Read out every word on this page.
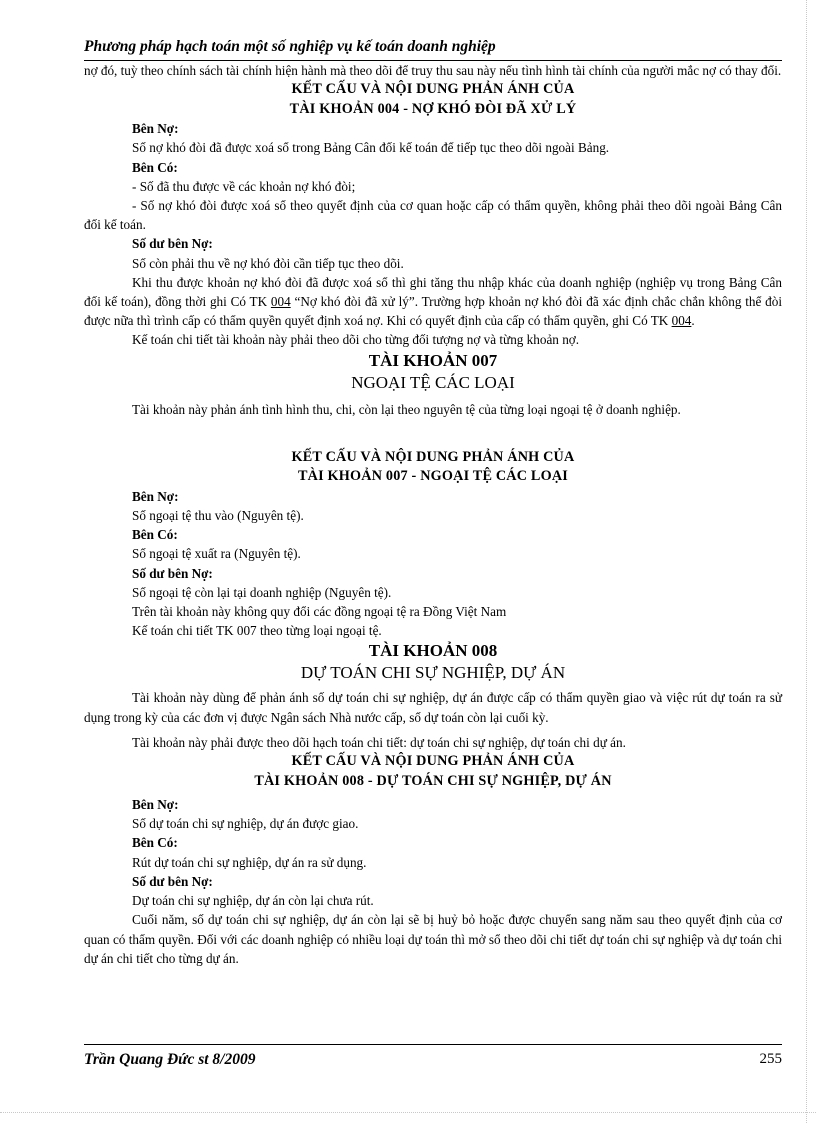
Phương pháp hạch toán một số nghiệp vụ kế toán doanh nghiệp

nợ đó, tuỳ theo chính sách tài chính hiện hành mà theo dõi để truy thu sau này nếu tình hình tài chính của người mắc nợ có thay đổi.

KẾT CẤU VÀ NỘI DUNG PHẢN ÁNH CỦA

TÀI KHOẢN 004 - NỢ KHÓ ĐÒI ĐÃ XỬ LÝ

Bên Nợ:

Số nợ khó đòi đã được xoá sổ trong Bảng Cân đối kế toán để tiếp tục theo dõi ngoài Bảng.

Bên Có:

- Số đã thu được về các khoản nợ khó đòi;

- Số nợ khó đòi được xoá sổ theo quyết định của cơ quan hoặc cấp có thẩm quyền, không phải theo dõi ngoài Bảng Cân đối kế toán.

Số dư bên Nợ:

Số còn phải thu về nợ khó đòi cần tiếp tục theo dõi.

Khi thu được khoản nợ khó đòi đã được xoá sổ thì ghi tăng thu nhập khác của doanh nghiệp (nghiệp vụ trong Bảng Cân đối kế toán), đồng thời ghi Có TK 004 “Nợ khó đòi đã xử lý”. Trường hợp khoản nợ khó đòi đã xác định chắc chắn không thể đòi được nữa thì trình cấp có thẩm quyền quyết định xoá nợ. Khi có quyết định của cấp có thẩm quyền, ghi Có TK 004.

Kế toán chi tiết tài khoản này phải theo dõi cho từng đối tượng nợ và từng khoản nợ.

TÀI KHOẢN 007

NGOẠI TỆ CÁC LOẠI

Tài khoản này phản ánh tình hình thu, chi, còn lại theo nguyên tệ của từng loại ngoại tệ ở doanh nghiệp.

KẾT CẤU VÀ NỘI DUNG PHẢN ÁNH CỦA

TÀI KHOẢN 007 - NGOẠI TỆ CÁC LOẠI

Bên Nợ:

Số ngoại tệ thu vào (Nguyên tệ).

Bên Có:

Số ngoại tệ xuất ra (Nguyên tệ).

Số dư bên Nợ:

Số ngoại tệ còn lại tại doanh nghiệp (Nguyên tệ).

Trên tài khoản này không quy đổi các đồng ngoại tệ ra Đồng Việt Nam

Kế toán chi tiết TK 007 theo từng loại ngoại tệ.

TÀI KHOẢN 008

DỰ TOÁN CHI SỰ NGHIỆP, DỰ ÁN

Tài khoản này dùng để phản ánh số dự toán chi sự nghiệp, dự án được cấp có thẩm quyền giao và việc rút dự toán ra sử dụng trong kỳ của các đơn vị được Ngân sách Nhà nước cấp, số dự toán còn lại cuối kỳ.

Tài khoản này phải được theo dõi hạch toán chi tiết: dự toán chi sự nghiệp, dự toán chi dự án.

KẾT CẤU VÀ NỘI DUNG PHẢN ÁNH CỦA

TÀI KHOẢN 008 - DỰ TOÁN CHI SỰ NGHIỆP, DỰ ÁN

Bên Nợ:

Số dự toán chi sự nghiệp, dự án được giao.

Bên Có:

Rút dự toán chi sự nghiệp, dự án ra sử dụng.

Số dư bên Nợ:

Dự toán chi sự nghiệp, dự án còn lại chưa rút.

Cuối năm, số dự toán chi sự nghiệp, dự án còn lại sẽ bị huỷ bỏ hoặc được chuyển sang năm sau theo quyết định của cơ quan có thẩm quyền. Đối với các doanh nghiệp có nhiều loại dự toán thì mở sổ theo dõi chi tiết dự toán chi sự nghiệp và dự toán chi dự án chi tiết cho từng dự án.

Trần Quang Đức st 8/2009	255
